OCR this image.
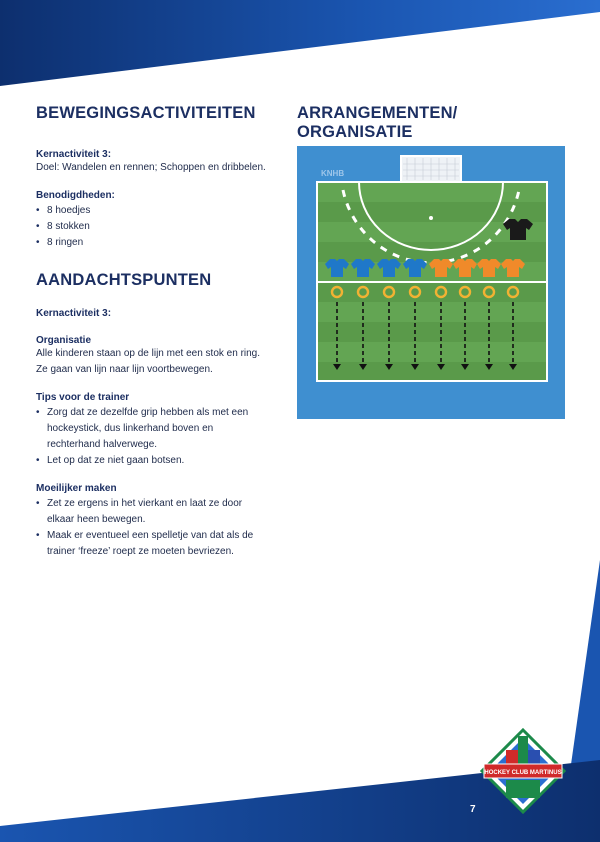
BEWEGINGSACTIVITEITEN
Kernactiviteit 3:
Doel: Wandelen en rennen; Schoppen en dribbelen.
Benodigdheden:
• 8 hoedjes
• 8 stokken
• 8 ringen
AANDACHTSPUNTEN
Kernactiviteit 3:
Organisatie
Alle kinderen staan op de lijn met een stok en ring. Ze gaan van lijn naar lijn voortbewegen.
Tips voor de trainer
• Zorg dat ze dezelfde grip hebben als met een hockeystick, dus linkerhand boven en rechterhand halverwege.
• Let op dat ze niet gaan botsen.
Moeilijker maken
• Zet ze ergens in het vierkant en laat ze door elkaar heen bewegen.
• Maak er eventueel een spelletje van dat als de trainer ‘freeze’ roept ze moeten bevriezen.
ARRANGEMENTEN/ ORGANISATIE
KNHB
HOCKEY CLUB MARTINUS
7
